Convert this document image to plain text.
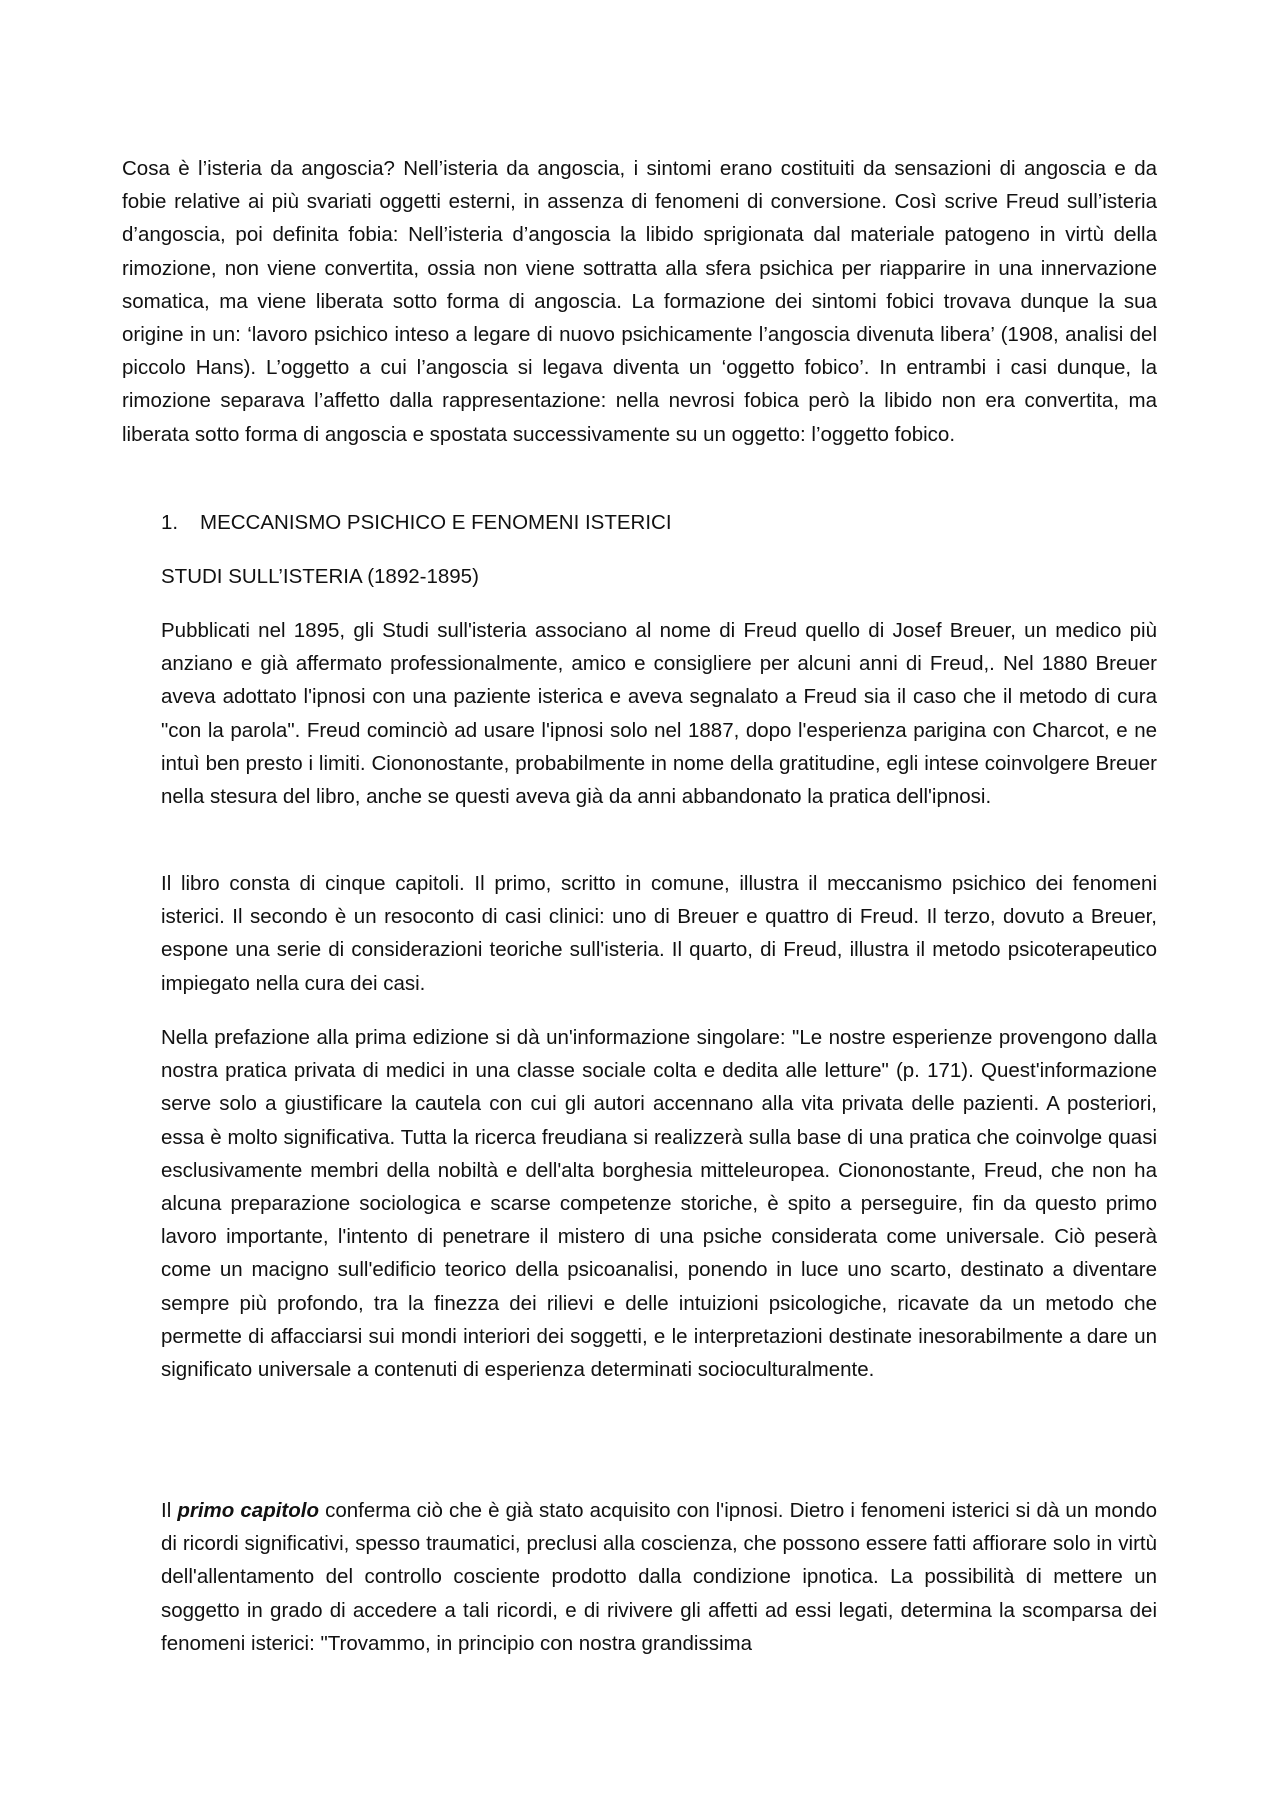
Cosa è l’isteria da angoscia? Nell’isteria da angoscia, i sintomi erano costituiti da sensazioni di angoscia e da fobie relative ai più svariati oggetti esterni, in assenza di fenomeni di conversione. Così scrive Freud sull’isteria d’angoscia, poi definita fobia: Nell’isteria d’angoscia la libido sprigionata dal materiale patogeno in virtù della rimozione, non viene convertita, ossia non viene sottratta alla sfera psichica per riapparire in una innervazione somatica, ma viene liberata sotto forma di angoscia. La formazione dei sintomi fobici trovava dunque la sua origine in un: ‘lavoro psichico inteso a legare di nuovo psichicamente l’angoscia divenuta libera’ (1908, analisi del piccolo Hans). L’oggetto a cui l’angoscia si legava diventa un ‘oggetto fobico’. In entrambi i casi dunque, la rimozione separava l’affetto dalla rappresentazione: nella nevrosi fobica però la libido non era convertita, ma liberata sotto forma di angoscia e spostata successivamente su un oggetto: l’oggetto fobico.

1. MECCANISMO PSICHICO E FENOMENI ISTERICI
STUDI SULL’ISTERIA (1892-1895)

Pubblicati nel 1895, gli Studi sull'isteria associano al nome di Freud quello di Josef Breuer, un medico più anziano e già affermato professionalmente, amico e consigliere per alcuni anni di Freud,. Nel 1880 Breuer aveva adottato l'ipnosi con una paziente isterica e aveva segnalato a Freud sia il caso che il metodo di cura "con la parola". Freud cominciò ad usare l'ipnosi solo nel 1887, dopo l'esperienza parigina con Charcot, e ne intuì ben presto i limiti. Ciononostante, probabilmente in nome della gratitudine, egli intese coinvolgere Breuer nella stesura del libro, anche se questi aveva già da anni abbandonato la pratica dell'ipnosi.

Il libro consta di cinque capitoli. Il primo, scritto in comune, illustra il meccanismo psichico dei fenomeni isterici. Il secondo è un resoconto di casi clinici: uno di Breuer e quattro di Freud. Il terzo, dovuto a Breuer, espone una serie di considerazioni teoriche sull'isteria. Il quarto, di Freud, illustra il metodo psicoterapeutico impiegato nella cura dei casi.

Nella prefazione alla prima edizione si dà un'informazione singolare: "Le nostre esperienze provengono dalla nostra pratica privata di medici in una classe sociale colta e dedita alle letture" (p. 171). Quest'informazione serve solo a giustificare la cautela con cui gli autori accennano alla vita privata delle pazienti. A posteriori, essa è molto significativa. Tutta la ricerca freudiana si realizzerà sulla base di una pratica che coinvolge quasi esclusivamente membri della nobiltà e dell'alta borghesia mitteleuropea. Ciononostante, Freud, che non ha alcuna preparazione sociologica e scarse competenze storiche, è spito a perseguire, fin da questo primo lavoro importante, l'intento di penetrare il mistero di una psiche considerata come universale. Ciò peserà come un macigno sull'edificio teorico della psicoanalisi, ponendo in luce uno scarto, destinato a diventare sempre più profondo, tra la finezza dei rilievi e delle intuizioni psicologiche, ricavate da un metodo che permette di affacciarsi sui mondi interiori dei soggetti, e le interpretazioni destinate inesorabilmente a dare un significato universale a contenuti di esperienza determinati socioculturalmente.

Il primo capitolo conferma ciò che è già stato acquisito con l'ipnosi. Dietro i fenomeni isterici si dà un mondo di ricordi significativi, spesso traumatici, preclusi alla coscienza, che possono essere fatti affiorare solo in virtù dell'allentamento del controllo cosciente prodotto dalla condizione ipnotica. La possibilità di mettere un soggetto in grado di accedere a tali ricordi, e di rivivere gli affetti ad essi legati, determina la scomparsa dei fenomeni isterici: "Trovammo, in principio con nostra grandissima
